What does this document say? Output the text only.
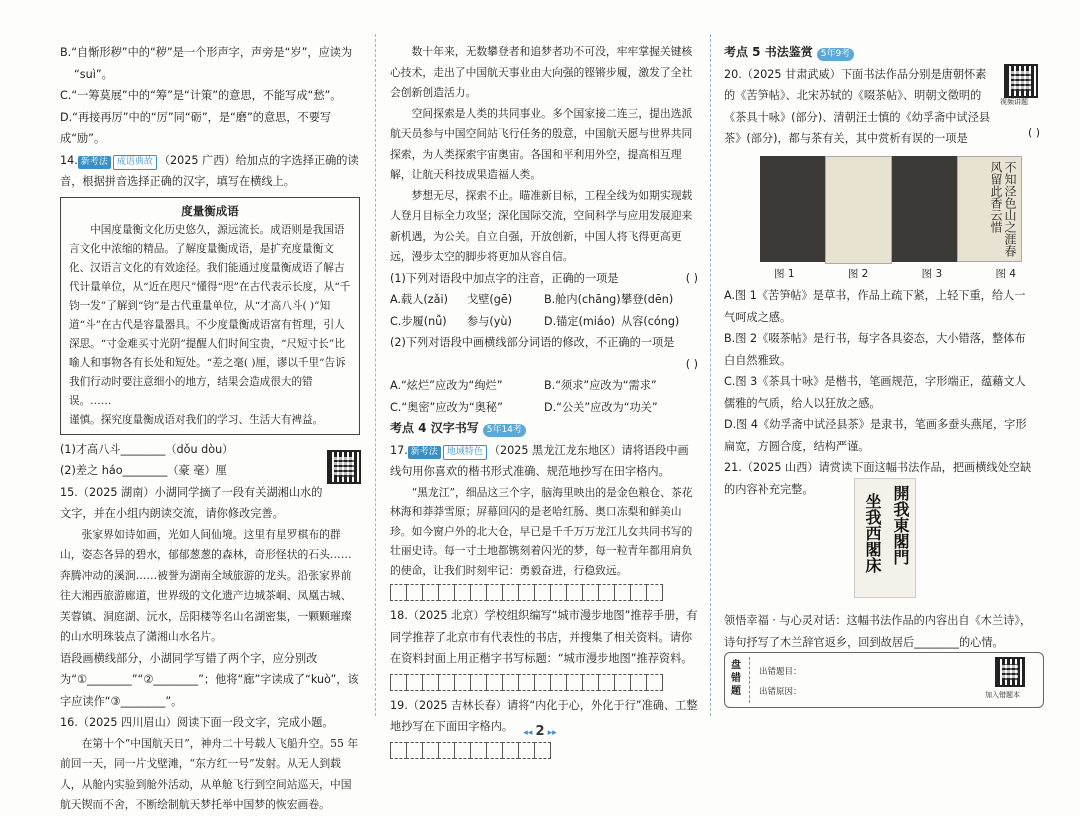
B.“自惭形秽”中的“秽”是一个形声字，声旁是“岁”，应读为

“suì”。

C.“一筹莫展”中的“筹”是“计策”的意思，不能写成“愁”。

D.“再接再厉”中的“厉”同“砺”，是“磨”的意思，不要写成“励”。

14. 新考法 成语典故 （2025 广西）给加点的字选择正确的读音，根据拼音选择正确的汉字，填写在横线上。

度量衡成语
中国度量衡文化历史悠久，源远流长。成语则是我国语言文化中浓缩的精品。了解度量衡成语，是扩充度量衡文化、汉语言文化的有效途径。我们能通过度量衡成语了解古代计量单位，从“近在咫尺”懂得“咫”在古代表示长度，从“千钧一发”了解到“钧”是古代重量单位，从“才高八斗( )”知道“斗”在古代是容量器具。不少度量衡成语富有哲理，引人深思。“寸金难买寸光阴”提醒人们时间宝贵，“尺短寸长”比喻人和事物各有长处和短处。“差之毫( )厘，谬以千里”告诉我们行动时要注意细小的地方，结果会造成很大的错误。……
谨慎。探究度量衡成语对我们的学习、生活大有裨益。

(1)才高八斗________（dǒu dòu）

(2)差之 háo________（豪 毫）厘

15.（2025 湖南）小湖同学摘了一段有关湖湘山水的文字，并在小组内朗读交流，请你修改完善。

张家界如诗如画，光如人间仙境。这里有星罗棋布的群山，姿态各异的碧水，郁郁葱葱的森林，奇形怪状的石头……奔腾冲动的溪涧……被誉为湖南全域旅游的龙头。沿张家界前往大湘西旅游廊道，世界级的文化遗产边城茶峒、凤凰古城、芙蓉镇、洞庭湖、沅水，岳阳楼等名山名湖密集，一颗颗璀璨的山水明珠装点了潇湘山水名片。

语段画横线部分，小湖同学写错了两个字，应分别改为“①________”“②________”；他将“廊”字读成了“kuò”，该字应读作“③________”。

16.（2025 四川眉山）阅读下面一段文字，完成小题。

在第十个“中国航天日”，神舟二十号载人飞船升空。55 年前回一天，同一片戈壁滩，“东方红一号”发射。从无人到载人，从舱内实验到舱外活动，从单舱飞行到空间站巡天，中国航天锲而不舍，不断绘制航天梦托举中国梦的恢宏画卷。
数十年来，无数攀登者和追梦者功不可没，牢牢掌握关键核心技术，走出了中国航天事业由大向强的铿锵步履，激发了全社会创新创造活力。
空间探索是人类的共同事业。多个国家接二连三，提出选派航天员参与中国空间站飞行任务的殷意，中国航天愿与世界共同探索，为人类探索宇宙奥宙。各国和平利用外空，提高相互理解，让航天科技成果造福人类。
梦想无尽，探索不止。瞄准新目标，工程全线为如期实现载人登月目标全力攻坚；深化国际交流，空间科学与应用发展迎来新机遇，为公关。自立自强，开放创新，中国人将飞得更高更远，漫步太空的脚步将更加从容自信。

(1)下列对语段中加点字的注音，正确的一项是	( )

A.载人(zǎi)	戈壁(gē)	B.舱内(chāng) 攀登(dēn)
C.步履(nǚ)	参与(yù)	D.锚定(miáo) 从容(cóng)

(2)下列对语段中画横线部分词语的修改，不正确的一项是

( )

A.“炫烂”应改为“绚烂”	B.“须求”应改为“需求”
C.“奥密”应改为“奥秘”	D.“公关”应改为“功关”

考点 4 汉字书写 5年14考

17. 新考法 地域特色 （2025 黑龙江龙东地区）请将语段中画线句用你喜欢的楷书形式准确、规范地抄写在田字格内。

“黑龙江”，细品这三个字，脑海里映出的是金色粮仓、茶花林海和莽莽雪原；屏幕回闪的是老哈红肠、奥口冻梨和鲜美山珍。如今窗户外的北大仓，早已是千千万万龙江儿女共同书写的壮丽史诗。每一寸土地都镌刻着闪光的梦，每一粒青年都用肩负的使命，让我们时刻牢记：勇毅奋进，行稳致远。

18.（2025 北京）学校组织编写“城市漫步地图”推荐手册，有同学推荐了北京市有代表性的书店，并搜集了相关资料。请你在资料封面上用正楷字书写标题：“城市漫步地图”推荐资料。

19.（2025 吉林长春）请将“内化于心，外化于行”准确、工整地抄写在下面田字格内。

考点 5 书法鉴赏 5年9考

20.（2025 甘肃武威）下面书法作品分别是唐朝怀素的《苦笋帖》、北宋苏轼的《啜茶帖》、明朝文徵明的《茶具十咏》(部分)、清朝汪士慎的《幼孚斋中试泾县茶》(部分)，都与茶有关，其中赏析有误的一项是

不知泾色山之涯春风留此香云惜
图 1	图 2	图 3	图 4

A.图 1《苦笋帖》是草书，作品上疏下紧，上轻下重，给人一气呵成之感。

B.图 2《啜茶帖》是行书，每字各具姿态，大小错落，整体布白自然雅致。

C.图 3《茶具十咏》是楷书，笔画规范，字形端正，蕴藉文人儒雅的气质，给人以狂放之感。

D.图 4《幼孚斋中试泾县茶》是隶书，笔画多蚕头燕尾，字形扁宽，方圆合度，结构严谨。

21.（2025 山西）请赏读下面这幅书法作品，把画横线处空缺的内容补充完整。

视频讲题
( )
開我東閣門
坐我西閣床
领悟幸福 · 与心灵对话：这幅书法作品的内容出自《木兰诗》，诗句抒写了木兰辞官返乡，回到故居后________的心情。
盘错题
出错题目：
出错原因：	加入错题本
◂◂ 2 ▸▸
